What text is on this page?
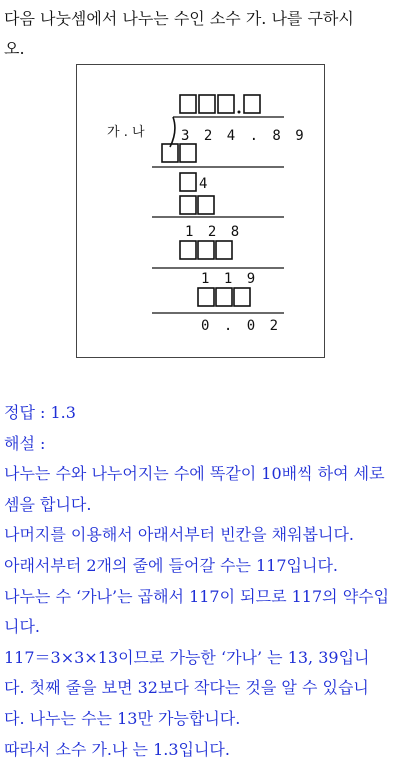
다음 나눗셈에서 나누는 수인 소수 가. 나를 구하시
오.
가 . 나	3 2 4 . 8 9
4
1 2 8
1 1 9
0 . 0 2
정답 : 1.3
해설 :
나누는 수와 나누어지는 수에 똑같이 10배씩 하여 세로
셈을 합니다.
나머지를 이용해서 아래서부터 빈칸을 채워봅니다.
아래서부터 2개의 줄에 들어갈 수는 117입니다.
나누는 수 ‘가나’는 곱해서 117이 되므로 117의 약수입
니다.
117＝3×3×13이므로 가능한 ‘가나’ 는 13, 39입니
다. 첫째 줄을 보면 32보다 작다는 것을 알 수 있습니
다. 나누는 수는 13만 가능합니다.
따라서 소수 가.나 는 1.3입니다.
